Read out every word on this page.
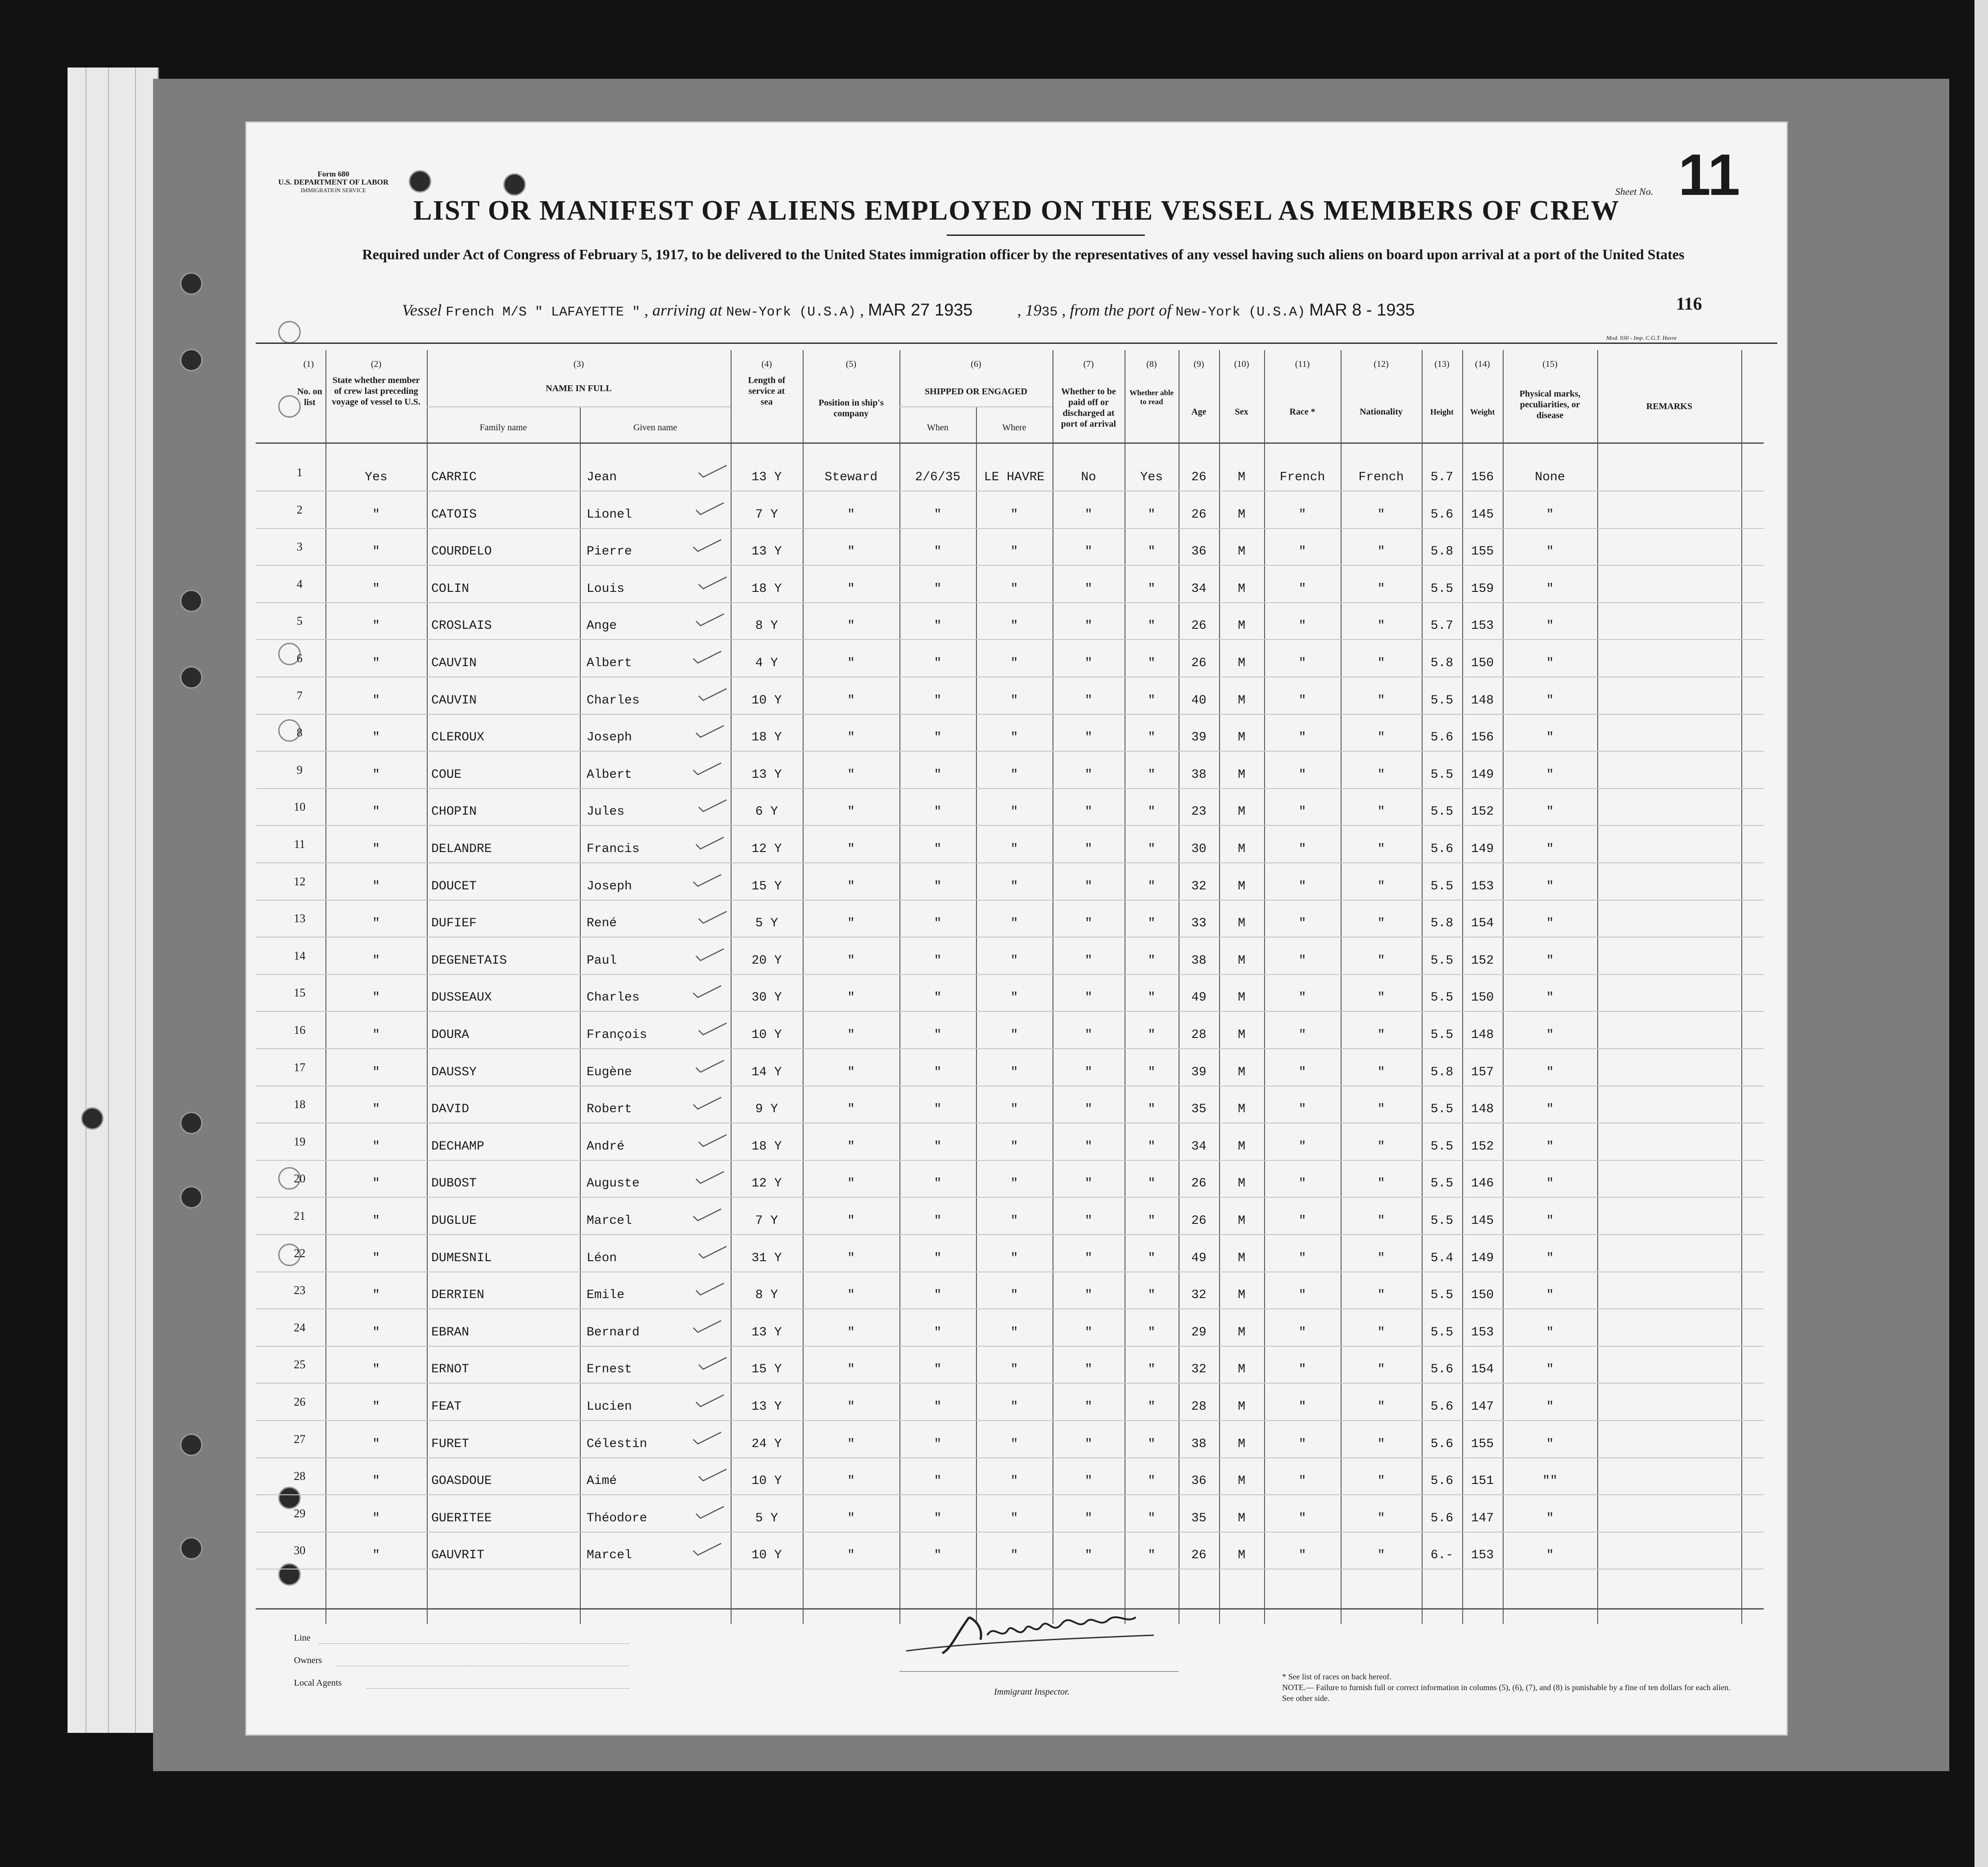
Form 680
U.S. DEPARTMENT OF LABOR
IMMIGRATION SERVICE	Sheet No. 11
LIST OR MANIFEST OF ALIENS EMPLOYED ON THE VESSEL AS MEMBERS OF CREW
Required under Act of Congress of February 5, 1917, to be delivered to the United States immigration officer by the representatives of any vessel having such aliens on board upon arrival at a port of the United States
Vessel French M/S " LAFAYETTE " , arriving at New-York (U.S.A) , MAR 27 1935	, 1935 , from the port of New-York (U.S.A) MAR 8 - 1935	116
Mod. 930 - Imp. C.G.T. Havre
(1)
No. on list
(2)
State whether member of crew last preceding voyage of vessel to U.S.
(3)
NAME IN FULL
Family name	Given name
(4)
Length of service at sea
(5)
Position in ship's company
(6)
SHIPPED OR ENGAGED
When	Where
(7)
Whether to be paid off or discharged at port of arrival
(8)
Whether able to read
(9)
Age
(10)
Sex
(11)
Race *
(12)
Nationality
(13)
Height
(14)
Weight
(15)
Physical marks, peculiarities, or disease
REMARKS
1	Yes	CARRIC	Jean	13 Y	Steward	2/6/35	LE HAVRE	No	Yes	26	M	French	French	5.7	156	None
2	"	CATOIS	Lionel	7 Y	"	"	"	"	"	26	M	"	"	5.6	145	"
3	"	COURDELO	Pierre	13 Y	"	"	"	"	"	36	M	"	"	5.8	155	"
4	"	COLIN	Louis	18 Y	"	"	"	"	"	34	M	"	"	5.5	159	"
5	"	CROSLAIS	Ange	8 Y	"	"	"	"	"	26	M	"	"	5.7	153	"
6	"	CAUVIN	Albert	4 Y	"	"	"	"	"	26	M	"	"	5.8	150	"
7	"	CAUVIN	Charles	10 Y	"	"	"	"	"	40	M	"	"	5.5	148	"
8	"	CLEROUX	Joseph	18 Y	"	"	"	"	"	39	M	"	"	5.6	156	"
9	"	COUE	Albert	13 Y	"	"	"	"	"	38	M	"	"	5.5	149	"
10	"	CHOPIN	Jules	6 Y	"	"	"	"	"	23	M	"	"	5.5	152	"
11	"	DELANDRE	Francis	12 Y	"	"	"	"	"	30	M	"	"	5.6	149	"
12	"	DOUCET	Joseph	15 Y	"	"	"	"	"	32	M	"	"	5.5	153	"
13	"	DUFIEF	René	5 Y	"	"	"	"	"	33	M	"	"	5.8	154	"
14	"	DEGENETAIS	Paul	20 Y	"	"	"	"	"	38	M	"	"	5.5	152	"
15	"	DUSSEAUX	Charles	30 Y	"	"	"	"	"	49	M	"	"	5.5	150	"
16	"	DOURA	François	10 Y	"	"	"	"	"	28	M	"	"	5.5	148	"
17	"	DAUSSY	Eugène	14 Y	"	"	"	"	"	39	M	"	"	5.8	157	"
18	"	DAVID	Robert	9 Y	"	"	"	"	"	35	M	"	"	5.5	148	"
19	"	DECHAMP	André	18 Y	"	"	"	"	"	34	M	"	"	5.5	152	"
20	"	DUBOST	Auguste	12 Y	"	"	"	"	"	26	M	"	"	5.5	146	"
21	"	DUGLUE	Marcel	7 Y	"	"	"	"	"	26	M	"	"	5.5	145	"
22	"	DUMESNIL	Léon	31 Y	"	"	"	"	"	49	M	"	"	5.4	149	"
23	"	DERRIEN	Emile	8 Y	"	"	"	"	"	32	M	"	"	5.5	150	"
24	"	EBRAN	Bernard	13 Y	"	"	"	"	"	29	M	"	"	5.5	153	"
25	"	ERNOT	Ernest	15 Y	"	"	"	"	"	32	M	"	"	5.6	154	"
26	"	FEAT	Lucien	13 Y	"	"	"	"	"	28	M	"	"	5.6	147	"
27	"	FURET	Célestin	24 Y	"	"	"	"	"	38	M	"	"	5.6	155	"
28	"	GOASDOUE	Aimé	10 Y	"	"	"	"	"	36	M	"	"	5.6	151	""
29	"	GUERITEE	Théodore	5 Y	"	"	"	"	"	35	M	"	"	5.6	147	"
30	"	GAUVRIT	Marcel	10 Y	"	"	"	"	"	26	M	"	"	6.-	153	"
Line
Owners
Local Agents
Immigrant Inspector.
* See list of races on back hereof.
NOTE.— Failure to furnish full or correct information in columns (5), (6), (7), and (8) is punishable by a fine of ten dollars for each alien. See other side.
